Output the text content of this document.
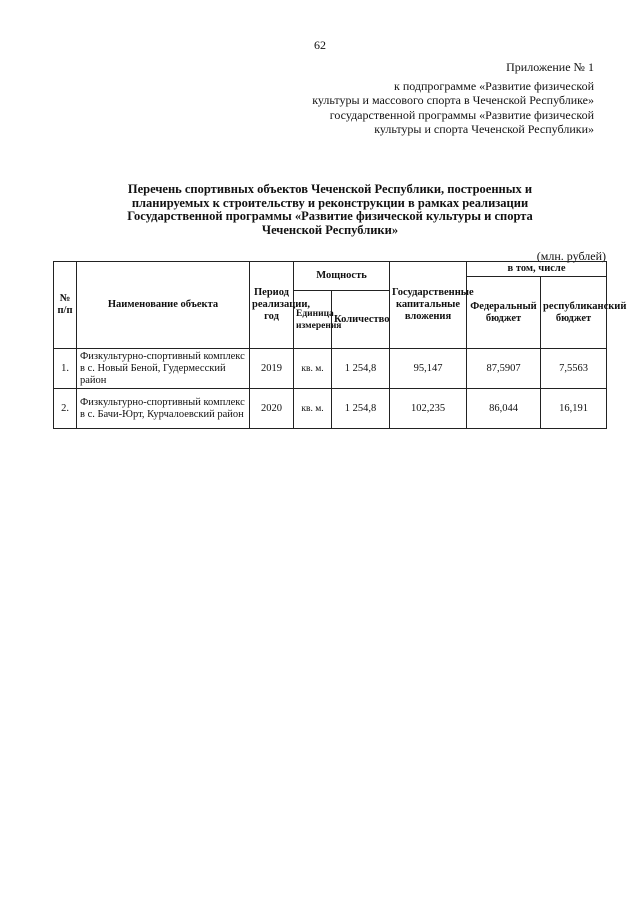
62
Приложение № 1
к подпрограмме «Развитие физической
культуры и массового спорта в Чеченской Республике»
государственной программы «Развитие физической
культуры и спорта Чеченской Республики»
Перечень спортивных объектов Чеченской Республики, построенных и
планируемых к строительству и реконструкции в рамках реализации
Государственной программы «Развитие физической культуры и спорта
Чеченской Республики»
(млн. рублей)
№ п/п	Наименование объекта	Период реализации, год	Мощность		Государственные капитальные вложения	в том, числе	
						Федеральный бюджет	республиканский бюджет
			Единица измерения	Количество			
1.	Физкультурно-спортивный комплекс в с. Новый Беной, Гудермесский район	2019	кв. м.	1 254,8	95,147	87,5907	7,5563
2.	Физкультурно-спортивный комплекс в с. Бачи-Юрт, Курчалоевский район	2020	кв. м.	1 254,8	102,235	86,044	16,191
